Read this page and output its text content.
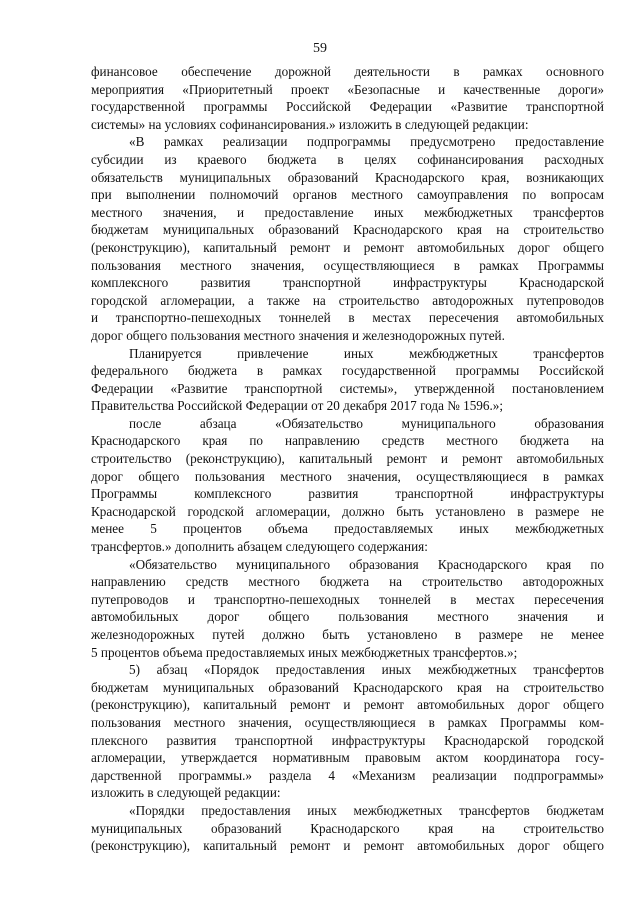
59
финансовое обеспечение дорожной деятельности в рамках основного
мероприятия «Приоритетный проект «Безопасные и качественные дороги»
государственной программы Российской Федерации «Развитие транспортной
системы» на условиях софинансирования.» изложить в следующей редакции:
«В рамках реализации подпрограммы предусмотрено предоставление
субсидии из краевого бюджета в целях софинансирования расходных
обязательств муниципальных образований Краснодарского края, возникающих
при выполнении полномочий органов местного самоуправления по вопросам
местного значения, и предоставление иных межбюджетных трансфертов
бюджетам муниципальных образований Краснодарского края на строительство
(реконструкцию), капитальный ремонт и ремонт автомобильных дорог общего
пользования местного значения, осуществляющиеся в рамках Программы
комплексного развития транспортной инфраструктуры Краснодарской
городской агломерации, а также на строительство автодорожных путепроводов
и транспортно-пешеходных тоннелей в местах пересечения автомобильных
дорог общего пользования местного значения и железнодорожных путей.
Планируется привлечение иных межбюджетных трансфертов
федерального бюджета в рамках государственной программы Российской
Федерации «Развитие транспортной системы», утвержденной постановлением
Правительства Российской Федерации от 20 декабря 2017 года № 1596.»;
после абзаца «Обязательство муниципального образования
Краснодарского края по направлению средств местного бюджета на
строительство (реконструкцию), капитальный ремонт и ремонт автомобильных
дорог общего пользования местного значения, осуществляющиеся в рамках
Программы комплексного развития транспортной инфраструктуры
Краснодарской городской агломерации, должно быть установлено в размере не
менее 5 процентов объема предоставляемых иных межбюджетных
трансфертов.» дополнить абзацем следующего содержания:
«Обязательство муниципального образования Краснодарского края по
направлению средств местного бюджета на строительство автодорожных
путепроводов и транспортно-пешеходных тоннелей в местах пересечения
автомобильных дорог общего пользования местного значения и
железнодорожных путей должно быть установлено в размере не менее
5 процентов объема предоставляемых иных межбюджетных трансфертов.»;
5) абзац «Порядок предоставления иных межбюджетных трансфертов
бюджетам муниципальных образований Краснодарского края на строительство
(реконструкцию), капитальный ремонт и ремонт автомобильных дорог общего
пользования местного значения, осуществляющиеся в рамках Программы ком-
плексного развития транспортной инфраструктуры Краснодарской городской
агломерации, утверждается нормативным правовым актом координатора госу-
дарственной программы.» раздела 4 «Механизм реализации подпрограммы»
изложить в следующей редакции:
«Порядки предоставления иных межбюджетных трансфертов бюджетам
муниципальных образований Краснодарского края на строительство
(реконструкцию), капитальный ремонт и ремонт автомобильных дорог общего
